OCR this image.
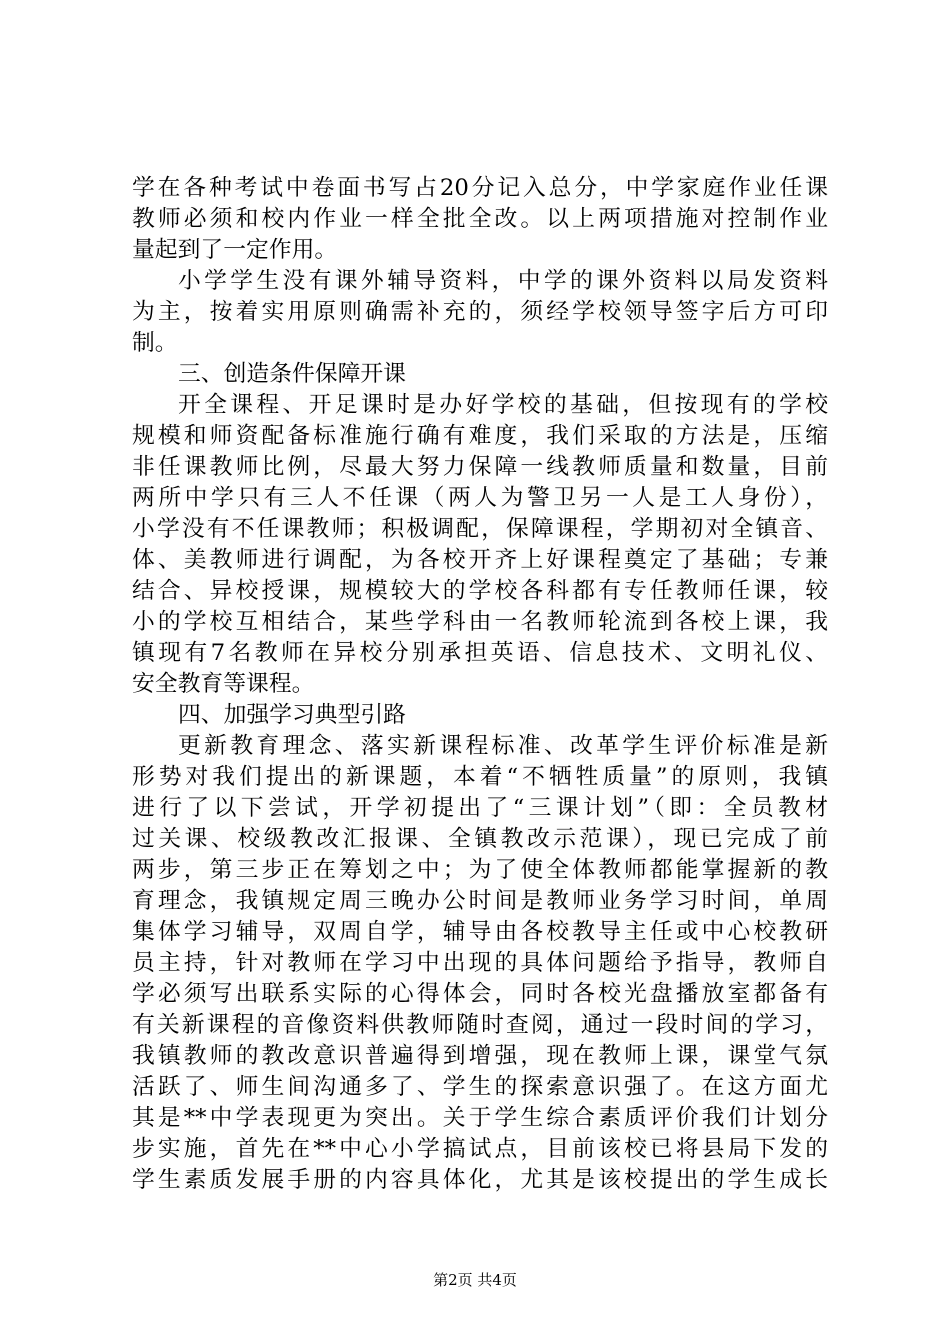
学在各种考试中卷面书写占20分记入总分，中学家庭作业任课
教师必须和校内作业一样全批全改。以上两项措施对控制作业
量起到了一定作用。
小学学生没有课外辅导资料，中学的课外资料以局发资料
为主，按着实用原则确需补充的，须经学校领导签字后方可印
制。
三、创造条件保障开课
开全课程、开足课时是办好学校的基础，但按现有的学校
规模和师资配备标准施行确有难度，我们采取的方法是，压缩
非任课教师比例，尽最大努力保障一线教师质量和数量，目前
两所中学只有三人不任课（两人为警卫另一人是工人身份），
小学没有不任课教师；积极调配，保障课程，学期初对全镇音、
体、美教师进行调配，为各校开齐上好课程奠定了基础；专兼
结合、异校授课，规模较大的学校各科都有专任教师任课，较
小的学校互相结合，某些学科由一名教师轮流到各校上课，我
镇现有7名教师在异校分别承担英语、信息技术、文明礼仪、
安全教育等课程。
四、加强学习典型引路
更新教育理念、落实新课程标准、改革学生评价标准是新
形势对我们提出的新课题，本着“不牺牲质量”的原则，我镇
进行了以下尝试，开学初提出了“三课计划”（即：全员教材
过关课、校级教改汇报课、全镇教改示范课），现已完成了前
两步，第三步正在筹划之中；为了使全体教师都能掌握新的教
育理念，我镇规定周三晚办公时间是教师业务学习时间，单周
集体学习辅导，双周自学，辅导由各校教导主任或中心校教研
员主持，针对教师在学习中出现的具体问题给予指导，教师自
学必须写出联系实际的心得体会，同时各校光盘播放室都备有
有关新课程的音像资料供教师随时查阅，通过一段时间的学习，
我镇教师的教改意识普遍得到增强，现在教师上课，课堂气氛
活跃了、师生间沟通多了、学生的探索意识强了。在这方面尤
其是**中学表现更为突出。关于学生综合素质评价我们计划分
步实施，首先在**中心小学搞试点，目前该校已将县局下发的
学生素质发展手册的内容具体化，尤其是该校提出的学生成长
第2页 共4页
